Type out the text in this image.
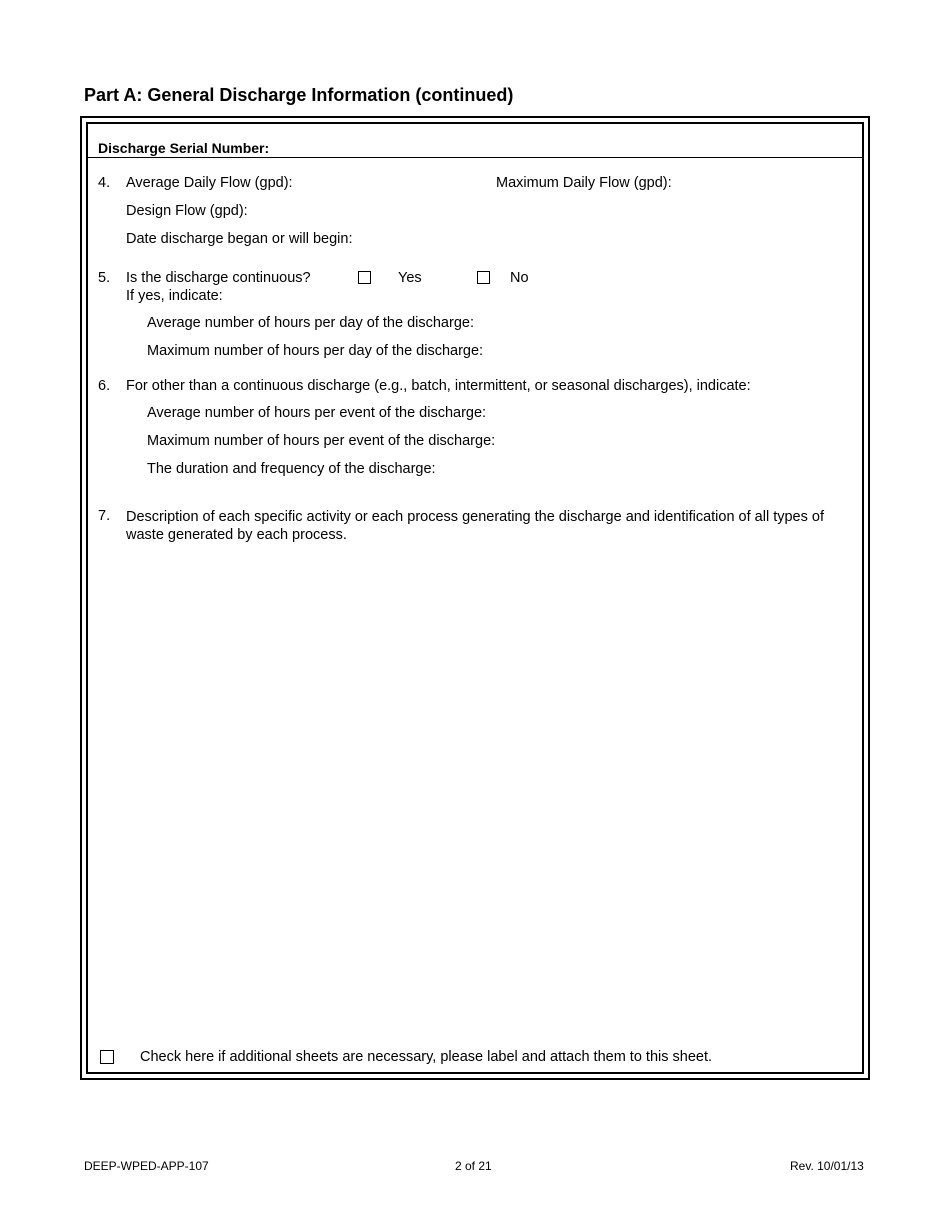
Part A: General Discharge Information (continued)
Discharge Serial Number:
4. Average Daily Flow (gpd):	Maximum Daily Flow (gpd):
Design Flow (gpd):
Date discharge began or will begin:
5. Is the discharge continuous?	Yes	No
If yes, indicate:
Average number of hours per day of the discharge:
Maximum number of hours per day of the discharge:
6. For other than a continuous discharge (e.g., batch, intermittent, or seasonal discharges), indicate:
Average number of hours per event of the discharge:
Maximum number of hours per event of the discharge:
The duration and frequency of the discharge:
7. Description of each specific activity or each process generating the discharge and identification of all types of waste generated by each process.
Check here if additional sheets are necessary, please label and attach them to this sheet.
DEEP-WPED-APP-107	2 of 21	Rev. 10/01/13
